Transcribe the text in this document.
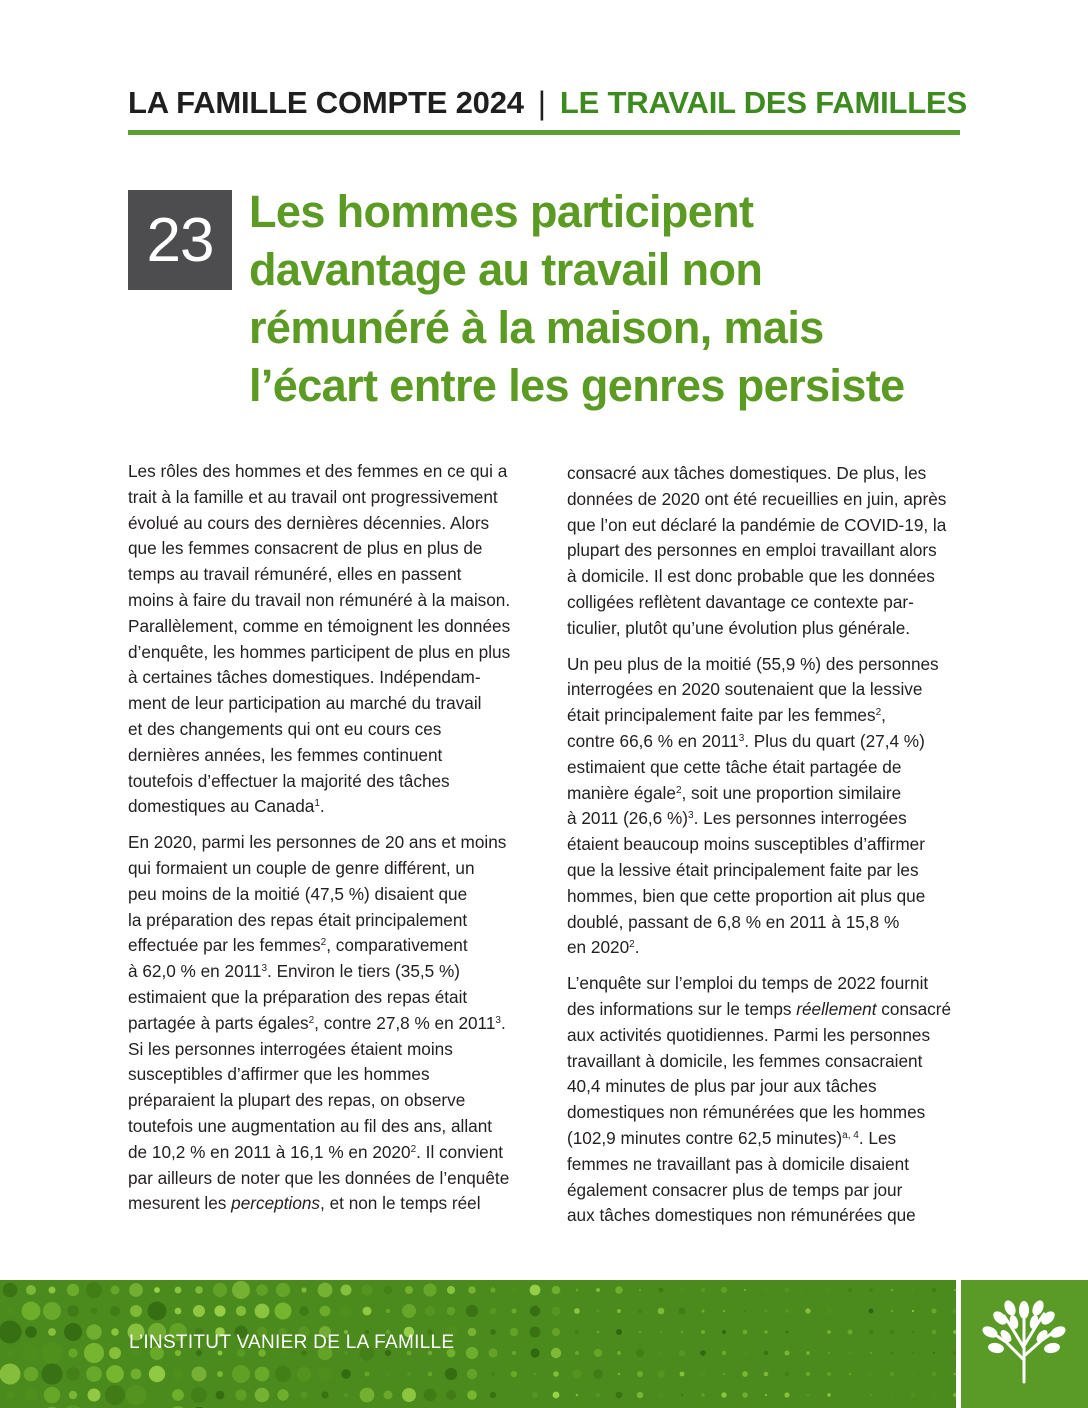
LA FAMILLE COMPTE 2024 | LE TRAVAIL DES FAMILLES
23 Les hommes participent
davantage au travail non
rémunéré à la maison, mais
l’écart entre les genres persiste

Les rôles des hommes et des femmes en ce qui a
trait à la famille et au travail ont progressivement
évolué au cours des dernières décennies. Alors
que les femmes consacrent de plus en plus de
temps au travail rémunéré, elles en passent
moins à faire du travail non rémunéré à la maison.
Parallèlement, comme en témoignent les données
d’enquête, les hommes participent de plus en plus
à certaines tâches domestiques. Indépendam-
ment de leur participation au marché du travail
et des changements qui ont eu cours ces
dernières années, les femmes continuent
toutefois d’effectuer la majorité des tâches
domestiques au Canada$^1$.

En 2020, parmi les personnes de 20 ans et moins
qui formaient un couple de genre différent, un
peu moins de la moitié (47,5 %) disaient que
la préparation des repas était principalement
effectuée par les femmes$^2$, comparativement
à 62,0 % en 2011$^3$. Environ le tiers (35,5 %)
estimaient que la préparation des repas était
partagée à parts égales$^2$, contre 27,8 % en 2011$^3$.
Si les personnes interrogées étaient moins
susceptibles d’affirmer que les hommes
préparaient la plupart des repas, on observe
toutefois une augmentation au fil des ans, allant
de 10,2 % en 2011 à 16,1 % en 2020$^2$. Il convient
par ailleurs de noter que les données de l’enquête
mesurent les perceptions, et non le temps réel

consacré aux tâches domestiques. De plus, les
données de 2020 ont été recueillies en juin, après
que l’on eut déclaré la pandémie de COVID-19, la
plupart des personnes en emploi travaillant alors
à domicile. Il est donc probable que les données
colligées reflètent davantage ce contexte par-
ticulier, plutôt qu’une évolution plus générale.

Un peu plus de la moitié (55,9 %) des personnes
interrogées en 2020 soutenaient que la lessive
était principalement faite par les femmes$^2$,
contre 66,6 % en 2011$^3$. Plus du quart (27,4 %)
estimaient que cette tâche était partagée de
manière égale$^2$, soit une proportion similaire
à 2011 (26,6 %)$^3$. Les personnes interrogées
étaient beaucoup moins susceptibles d’affirmer
que la lessive était principalement faite par les
hommes, bien que cette proportion ait plus que
doublé, passant de 6,8 % en 2011 à 15,8 %
en 2020$^2$.

L’enquête sur l’emploi du temps de 2022 fournit
des informations sur le temps réellement consacré
aux activités quotidiennes. Parmi les personnes
travaillant à domicile, les femmes consacraient
40,4 minutes de plus par jour aux tâches
domestiques non rémunérées que les hommes
(102,9 minutes contre 62,5 minutes)$^{a, 4}$. Les
femmes ne travaillant pas à domicile disaient
également consacrer plus de temps par jour
aux tâches domestiques non rémunérées que

L’INSTITUT VANIER DE LA FAMILLE
